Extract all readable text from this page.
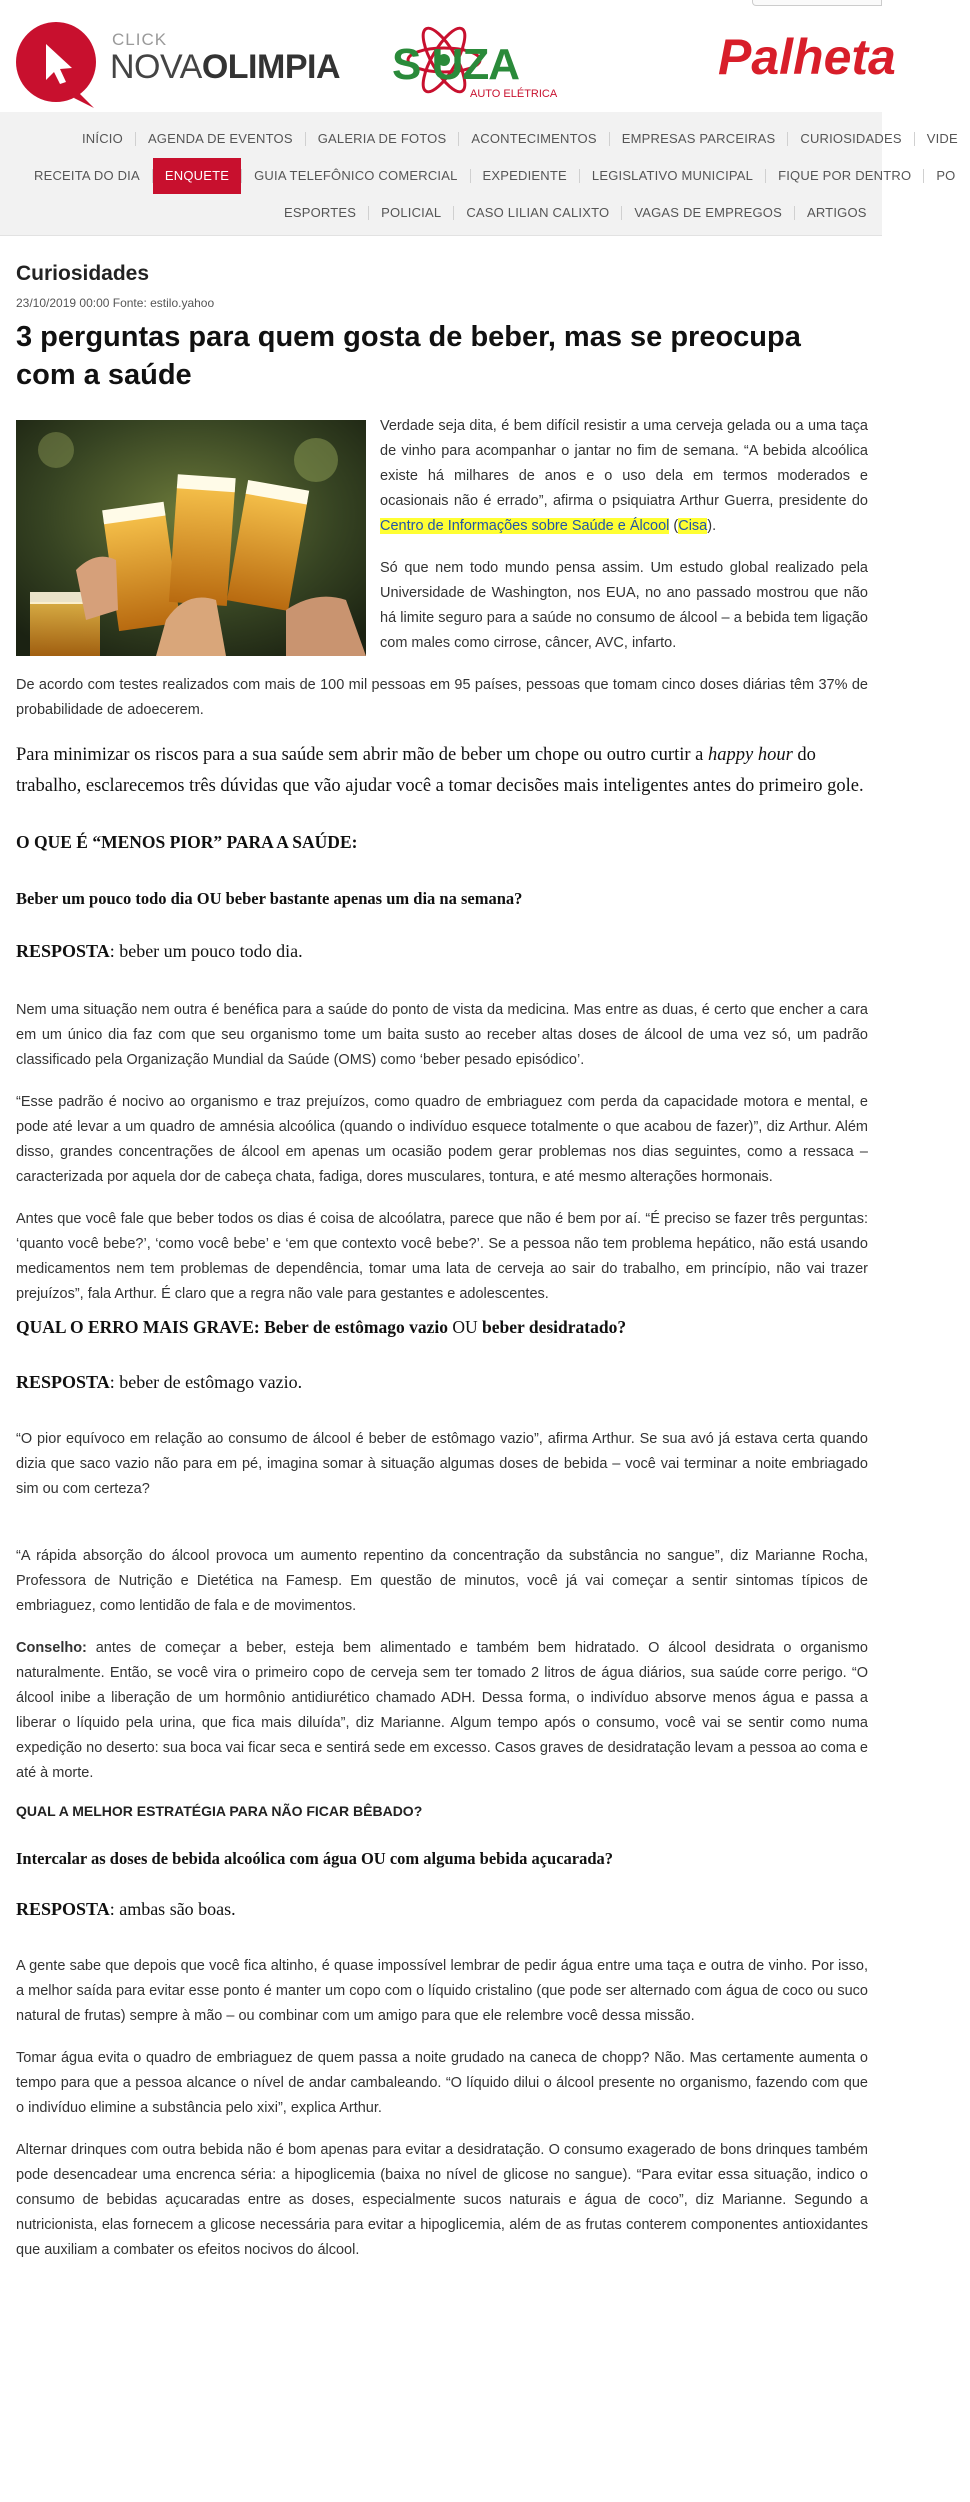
CLICK
NOVAOLIMPIA S UZA
AUTO ELÉTRICA
Palheta
INÍCIO	AGENDA DE EVENTOS	GALERIA DE FOTOS	ACONTECIMENTOS	EMPRESAS PARCEIRAS	CURIOSIDADES	VIDE
RECEITA DO DIA	ENQUETE	GUIA TELEFÔNICO COMERCIAL	EXPEDIENTE	LEGISLATIVO MUNICIPAL	FIQUE POR DENTRO	PO
ESPORTES	POLICIAL	CASO LILIAN CALIXTO	VAGAS DE EMPREGOS	ARTIGOS
Curiosidades
23/10/2019 00:00 Fonte: estilo.yahoo
3 perguntas para quem gosta de beber, mas se preocupa com a saúde

Verdade seja dita, é bem difícil resistir a uma cerveja gelada ou a uma taça de vinho para acompanhar o jantar no fim de semana. “A bebida alcoólica existe há milhares de anos e o uso dela em termos moderados e ocasionais não é errado”, afirma o psiquiatra Arthur Guerra, presidente do Centro de Informações sobre Saúde e Álcool (Cisa).

Só que nem todo mundo pensa assim. Um estudo global realizado pela Universidade de Washington, nos EUA, no ano passado mostrou que não há limite seguro para a saúde no consumo de álcool – a bebida tem ligação com males como cirrose, câncer, AVC, infarto.

De acordo com testes realizados com mais de 100 mil pessoas em 95 países, pessoas que tomam cinco doses diárias têm 37% de probabilidade de adoecerem.

Para minimizar os riscos para a sua saúde sem abrir mão de beber um chope ou outro curtir a happy hour do trabalho, esclarecemos três dúvidas que vão ajudar você a tomar decisões mais inteligentes antes do primeiro gole.

O QUE É “MENOS PIOR” PARA A SAÚDE:

Beber um pouco todo dia OU beber bastante apenas um dia na semana?

RESPOSTA: beber um pouco todo dia.

Nem uma situação nem outra é benéfica para a saúde do ponto de vista da medicina. Mas entre as duas, é certo que encher a cara em um único dia faz com que seu organismo tome um baita susto ao receber altas doses de álcool de uma vez só, um padrão classificado pela Organização Mundial da Saúde (OMS) como ‘beber pesado episódico’.

“Esse padrão é nocivo ao organismo e traz prejuízos, como quadro de embriaguez com perda da capacidade motora e mental, e pode até levar a um quadro de amnésia alcoólica (quando o indivíduo esquece totalmente o que acabou de fazer)”, diz Arthur. Além disso, grandes concentrações de álcool em apenas um ocasião podem gerar problemas nos dias seguintes, como a ressaca – caracterizada por aquela dor de cabeça chata, fadiga, dores musculares, tontura, e até mesmo alterações hormonais.

Antes que você fale que beber todos os dias é coisa de alcoólatra, parece que não é bem por aí. “É preciso se fazer três perguntas: ‘quanto você bebe?’, ‘como você bebe’ e ‘em que contexto você bebe?’. Se a pessoa não tem problema hepático, não está usando medicamentos nem tem problemas de dependência, tomar uma lata de cerveja ao sair do trabalho, em princípio, não vai trazer prejuízos”, fala Arthur. É claro que a regra não vale para gestantes e adolescentes.

QUAL O ERRO MAIS GRAVE: Beber de estômago vazio OU beber desidratado?

RESPOSTA: beber de estômago vazio.

“O pior equívoco em relação ao consumo de álcool é beber de estômago vazio”, afirma Arthur. Se sua avó já estava certa quando dizia que saco vazio não para em pé, imagina somar à situação algumas doses de bebida – você vai terminar a noite embriagado sim ou com certeza?

“A rápida absorção do álcool provoca um aumento repentino da concentração da substância no sangue”, diz Marianne Rocha, Professora de Nutrição e Dietética na Famesp. Em questão de minutos, você já vai começar a sentir sintomas típicos de embriaguez, como lentidão de fala e de movimentos.

Conselho: antes de começar a beber, esteja bem alimentado e também bem hidratado. O álcool desidrata o organismo naturalmente. Então, se você vira o primeiro copo de cerveja sem ter tomado 2 litros de água diários, sua saúde corre perigo. “O álcool inibe a liberação de um hormônio antidiurético chamado ADH. Dessa forma, o indivíduo absorve menos água e passa a liberar o líquido pela urina, que fica mais diluída”, diz Marianne. Algum tempo após o consumo, você vai se sentir como numa expedição no deserto: sua boca vai ficar seca e sentirá sede em excesso. Casos graves de desidratação levam a pessoa ao coma e até à morte.

QUAL A MELHOR ESTRATÉGIA PARA NÃO FICAR BÊBADO?

Intercalar as doses de bebida alcoólica com água OU com alguma bebida açucarada?

RESPOSTA: ambas são boas.

A gente sabe que depois que você fica altinho, é quase impossível lembrar de pedir água entre uma taça e outra de vinho. Por isso, a melhor saída para evitar esse ponto é manter um copo com o líquido cristalino (que pode ser alternado com água de coco ou suco natural de frutas) sempre à mão – ou combinar com um amigo para que ele relembre você dessa missão.

Tomar água evita o quadro de embriaguez de quem passa a noite grudado na caneca de chopp? Não. Mas certamente aumenta o tempo para que a pessoa alcance o nível de andar cambaleando. “O líquido dilui o álcool presente no organismo, fazendo com que o indivíduo elimine a substância pelo xixi”, explica Arthur.

Alternar drinques com outra bebida não é bom apenas para evitar a desidratação. O consumo exagerado de bons drinques também pode desencadear uma encrenca séria: a hipoglicemia (baixa no nível de glicose no sangue). “Para evitar essa situação, indico o consumo de bebidas açucaradas entre as doses, especialmente sucos naturais e água de coco”, diz Marianne. Segundo a nutricionista, elas fornecem a glicose necessária para evitar a hipoglicemia, além de as frutas conterem componentes antioxidantes que auxiliam a combater os efeitos nocivos do álcool.
